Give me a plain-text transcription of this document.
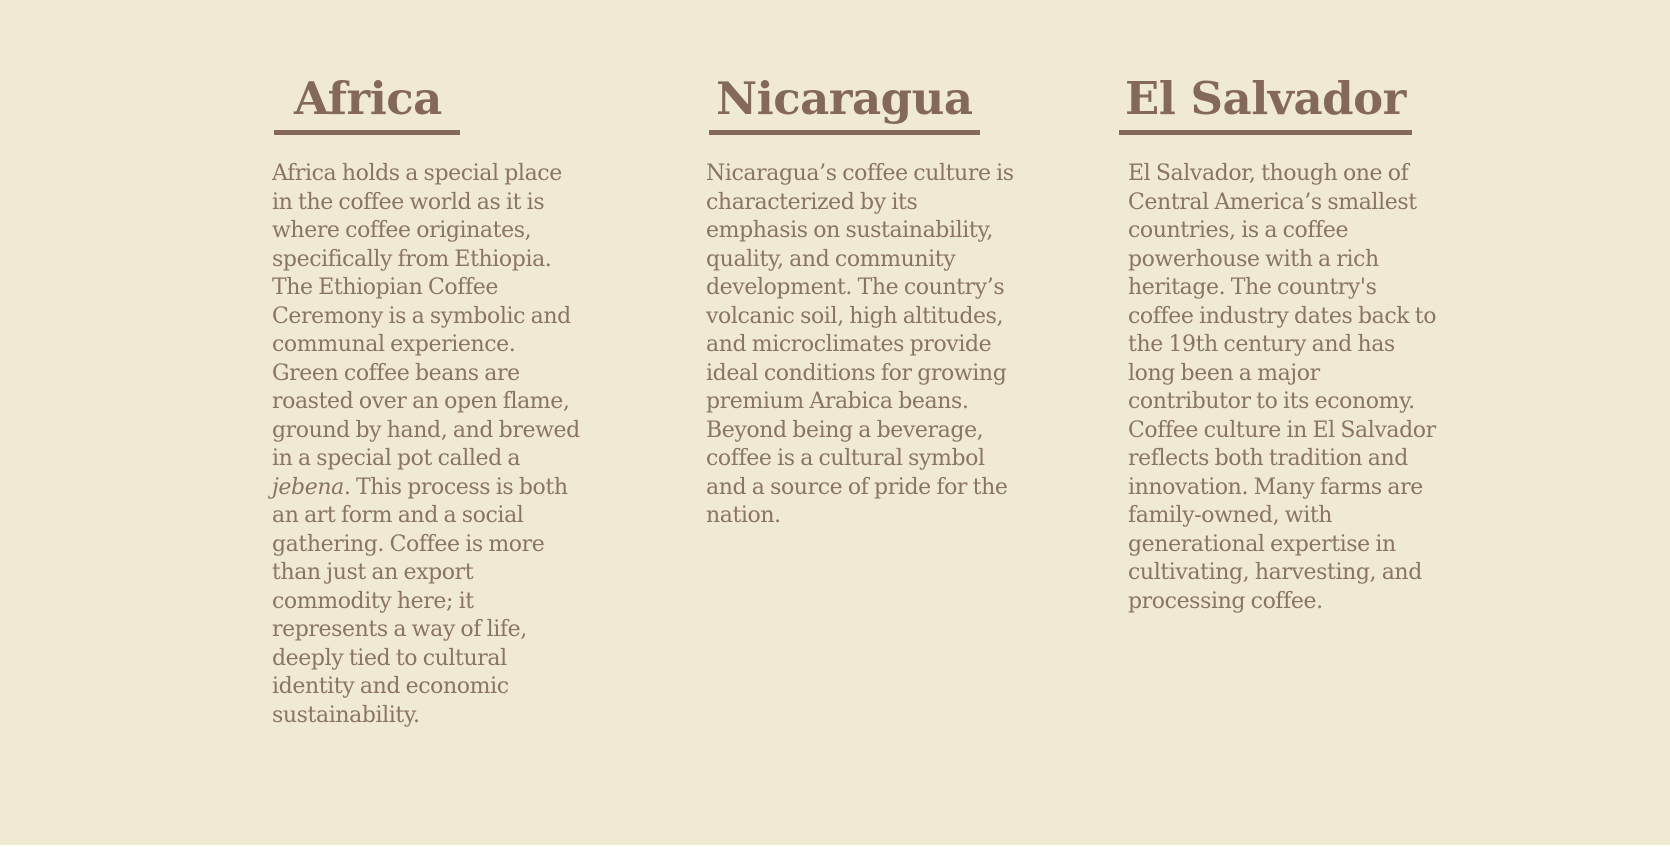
Africa

Africa holds a special place in the coffee world as it is where coffee originates, specifically from Ethiopia. The Ethiopian Coffee Ceremony is a symbolic and communal experience. Green coffee beans are roasted over an open flame, ground by hand, and brewed in a special pot called a jebena. This process is both an art form and a social gathering. Coffee is more than just an export commodity here; it represents a way of life, deeply tied to cultural identity and economic sustainability.

Nicaragua

Nicaragua’s coffee culture is characterized by its emphasis on sustainability, quality, and community development. The country’s volcanic soil, high altitudes, and microclimates provide ideal conditions for growing premium Arabica beans. Beyond being a beverage, coffee is a cultural symbol and a source of pride for the nation.

El Salvador

El Salvador, though one of Central America’s smallest countries, is a coffee powerhouse with a rich heritage. The country's coffee industry dates back to the 19th century and has long been a major contributor to its economy. Coffee culture in El Salvador reflects both tradition and innovation. Many farms are family-owned, with generational expertise in cultivating, harvesting, and processing coffee.
